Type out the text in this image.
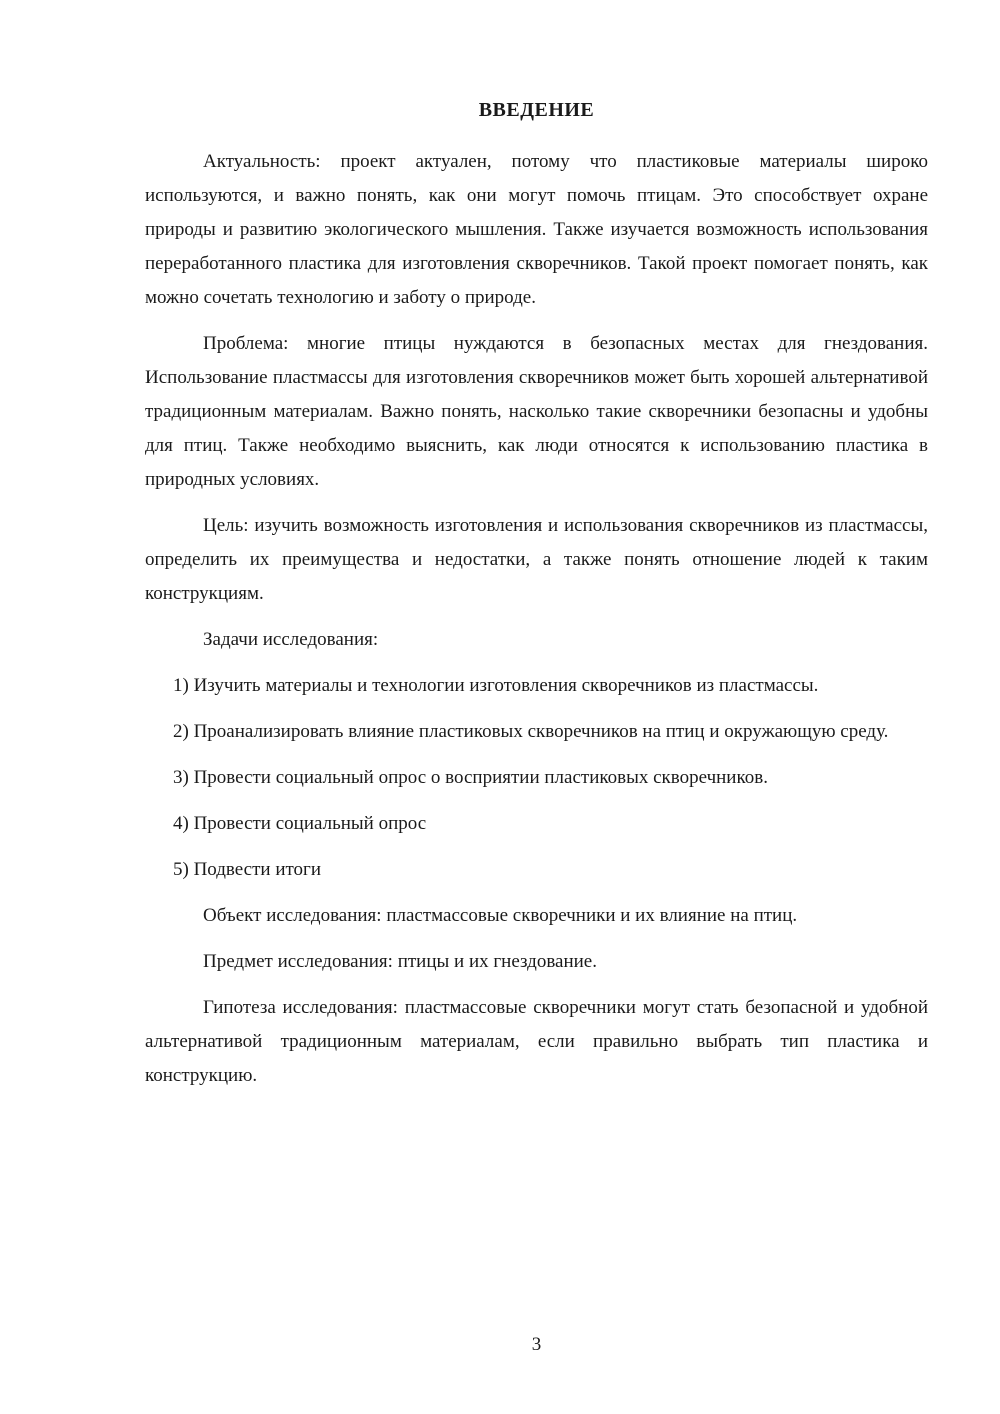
ВВЕДЕНИЕ

Актуальность: проект актуален, потому что пластиковые материалы широко используются, и важно понять, как они могут помочь птицам. Это способствует охране природы и развитию экологического мышления. Также изучается возможность использования переработанного пластика для изготовления скворечников. Такой проект помогает понять, как можно сочетать технологию и заботу о природе.

Проблема: многие птицы нуждаются в безопасных местах для гнездования. Использование пластмассы для изготовления скворечников может быть хорошей альтернативой традиционным материалам. Важно понять, насколько такие скворечники безопасны и удобны для птиц. Также необходимо выяснить, как люди относятся к использованию пластика в природных условиях.

Цель: изучить возможность изготовления и использования скворечников из пластмассы, определить их преимущества и недостатки, а также понять отношение людей к таким конструкциям.

Задачи исследования:

1) Изучить материалы и технологии изготовления скворечников из пластмассы.

2) Проанализировать влияние пластиковых скворечников на птиц и окружающую среду.

3) Провести социальный опрос о восприятии пластиковых скворечников.

4) Провести социальный опрос

5) Подвести итоги

Объект исследования: пластмассовые скворечники и их влияние на птиц.

Предмет исследования: птицы и их гнездование.

Гипотеза исследования: пластмассовые скворечники могут стать безопасной и удобной альтернативой традиционным материалам, если правильно выбрать тип пластика и конструкцию.

3
